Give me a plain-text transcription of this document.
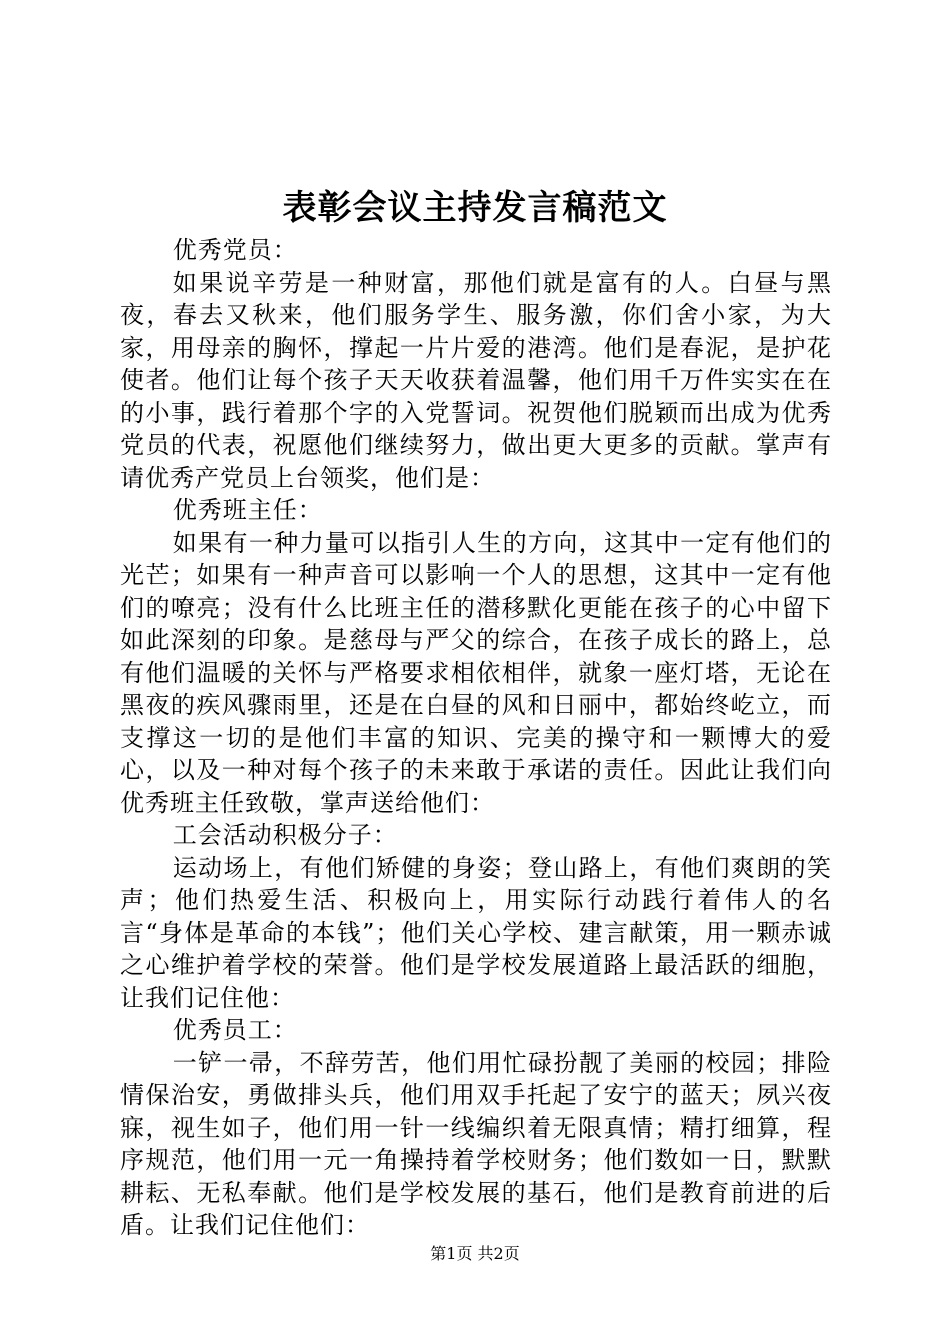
表彰会议主持发言稿范文

优秀党员：

如果说辛劳是一种财富，那他们就是富有的人。白昼与黑夜，春去又秋来，他们服务学生、服务激，你们舍小家，为大家，用母亲的胸怀，撑起一片片爱的港湾。他们是春泥，是护花使者。他们让每个孩子天天收获着温馨，他们用千万件实实在在的小事，践行着那个字的入党誓词。祝贺他们脱颖而出成为优秀党员的代表，祝愿他们继续努力，做出更大更多的贡献。掌声有请优秀产党员上台领奖，他们是：

优秀班主任：

如果有一种力量可以指引人生的方向，这其中一定有他们的光芒；如果有一种声音可以影响一个人的思想，这其中一定有他们的嘹亮；没有什么比班主任的潜移默化更能在孩子的心中留下如此深刻的印象。是慈母与严父的综合，在孩子成长的路上，总有他们温暖的关怀与严格要求相依相伴，就象一座灯塔，无论在黑夜的疾风骤雨里，还是在白昼的风和日丽中，都始终屹立，而支撑这一切的是他们丰富的知识、完美的操守和一颗博大的爱心，以及一种对每个孩子的未来敢于承诺的责任。因此让我们向优秀班主任致敬，掌声送给他们：

工会活动积极分子：

运动场上，有他们矫健的身姿；登山路上，有他们爽朗的笑声；他们热爱生活、积极向上，用实际行动践行着伟人的名言“身体是革命的本钱”；他们关心学校、建言献策，用一颗赤诚之心维护着学校的荣誉。他们是学校发展道路上最活跃的细胞，让我们记住他：

优秀员工：

一铲一帚，不辞劳苦，他们用忙碌扮靓了美丽的校园；排险情保治安，勇做排头兵，他们用双手托起了安宁的蓝天；夙兴夜寐，视生如子，他们用一针一线编织着无限真情；精打细算，程序规范，他们用一元一角操持着学校财务；他们数如一日，默默耕耘、无私奉献。他们是学校发展的基石，他们是教育前进的后盾。让我们记住他们：

第1页 共2页
